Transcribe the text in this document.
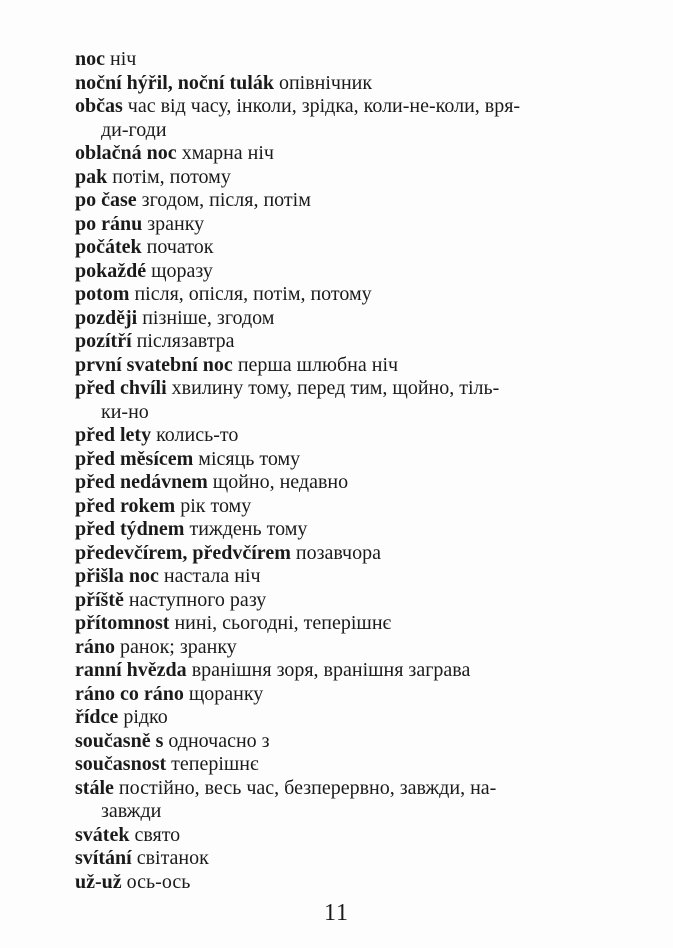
noc ніч
noční hýřil, noční tulák опівнічник
občas час від часу, інколи, зрідка, коли-не-коли, вря-
ди-годи
oblačná noc хмарна ніч
pak потім, потому
po čase згодом, після, потім
po ránu зранку
počátek початок
pokaždé щоразу
potom після, опісля, потім, потому
později пізніше, згодом
pozítří післязавтра
první svatební noc перша шлюбна ніч
před chvíli хвилину тому, перед тим, щойно, тіль-
ки-но
před lety колись-то
před měsícem місяць тому
před nedávnem щойно, недавно
před rokem рік тому
před týdnem тиждень тому
předevčírem, předvčírem позавчора
přišla noc настала ніч
příště наступного разу
přítomnost нині, сьогодні, теперішнє
ráno ранок; зранку
ranní hvězda вранішня зоря, вранішня заграва
ráno co ráno щоранку
řídce рідко
současně s одночасно з
současnost теперішнє
stále постійно, весь час, безперервно, завжди, на-
завжди
svátek свято
svítání світанок
už-už ось-ось
11
